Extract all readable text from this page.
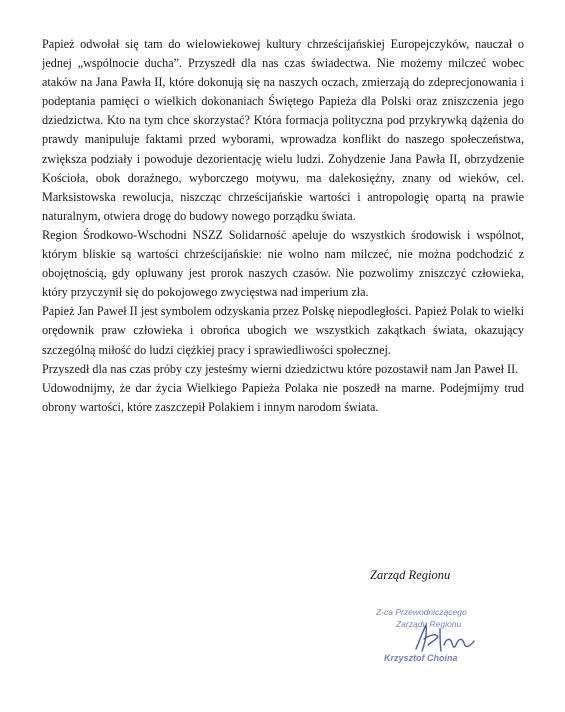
Papież odwołał się tam do wielowiekowej kultury chrześcijańskiej Europejczyków, nauczał o jednej „wspólnocie ducha”. Przyszedł dla nas czas świadectwa. Nie możemy milczeć wobec ataków na Jana Pawła II, które dokonują się na naszych oczach, zmierzają do zdeprecjonowania i podeptania pamięci o wielkich dokonaniach Świętego Papieża dla Polski oraz zniszczenia jego dziedzictwa. Kto na tym chce skorzystać? Która formacja polityczna pod przykrywką dążenia do prawdy manipuluje faktami przed wyborami, wprowadza konflikt do naszego społeczeństwa, zwiększa podziały i powoduje dezorientację wielu ludzi. Zohydzenie Jana Pawła II, obrzydzenie Kościoła, obok doraźnego, wyborczego motywu, ma dalekosiężny, znany od wieków, cel. Marksistowska rewolucja, niszcząc chrześcijańskie wartości i antropologię opartą na prawie naturalnym, otwiera drogę do budowy nowego porządku świata.

Region Środkowo-Wschodni NSZZ Solidarność apeluje do wszystkich środowisk i wspólnot, którym bliskie są wartości chrześcijańskie: nie wolno nam milczeć, nie można podchodzić z obojętnością, gdy opluwany jest prorok naszych czasów. Nie pozwolimy zniszczyć człowieka, który przyczynił się do pokojowego zwycięstwa nad imperium zła.

Papież Jan Paweł II jest symbolem odzyskania przez Polskę niepodległości. Papież Polak to wielki orędownik praw człowieka i obrońca ubogich we wszystkich zakątkach świata, okazujący szczególną miłość do ludzi ciężkiej pracy i sprawiedliwości społecznej.

Przyszedł dla nas czas próby czy jesteśmy wierni dziedzictwu które pozostawił nam Jan Paweł II.

Udowodnijmy, że dar życia Wielkiego Papieża Polaka nie poszedł na marne. Podejmijmy trud obrony wartości, które zaszczepił Polakiem i innym narodom świata.

Zarząd Regionu
Z-ca Przewodniczącego
Zarządu Regionu
Krzysztof Choina
